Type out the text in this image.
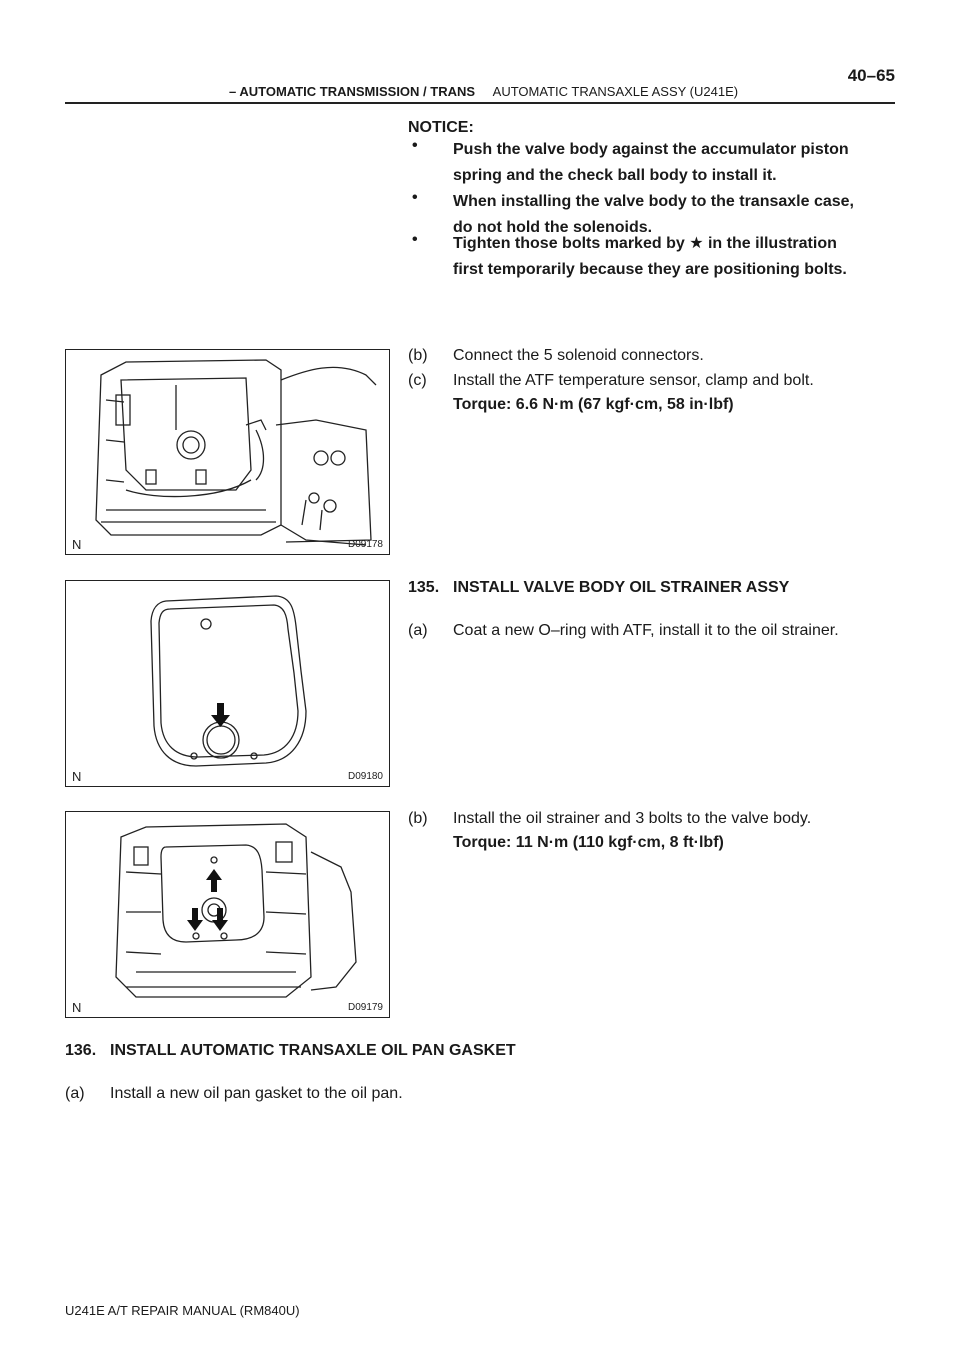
– AUTOMATIC TRANSMISSION / TRANS AUTOMATIC TRANSAXLE ASSY (U241E)
40–65
NOTICE:
• Push the valve body against the accumulator piston
spring and the check ball body to install it.
• When installing the valve body to the transaxle case,
do not hold the solenoids.
• Tighten those bolts marked by ★ in the illustration
first temporarily because they are positioning bolts.
N	D09178
(b) Connect the 5 solenoid connectors.
(c) Install the ATF temperature sensor, clamp and bolt.
Torque: 6.6 N·m (67 kgf·cm, 58 in·lbf)
N	D09180
135. INSTALL VALVE BODY OIL STRAINER ASSY
(a) Coat a new O–ring with ATF, install it to the oil strainer.
N	D09179
(b) Install the oil strainer and 3 bolts to the valve body.
Torque: 11 N·m (110 kgf·cm, 8 ft·lbf)
136. INSTALL AUTOMATIC TRANSAXLE OIL PAN GASKET
(a) Install a new oil pan gasket to the oil pan.
U241E A/T REPAIR MANUAL (RM840U)
